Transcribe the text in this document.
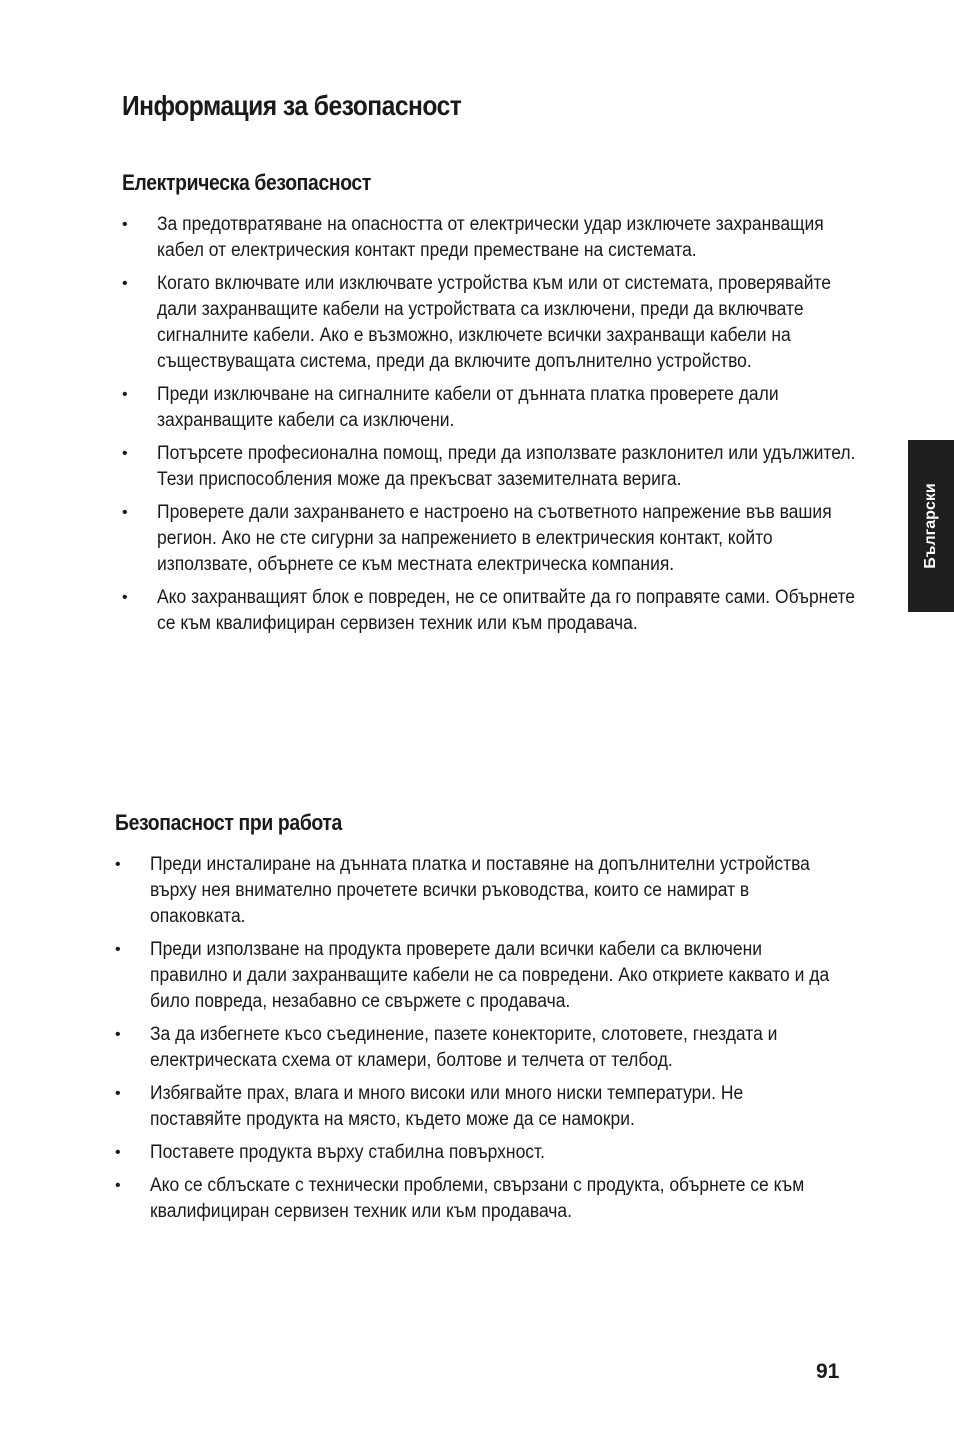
Информация за безопасност
Електрическа безопасност
• За предотвратяване на опасността от електрически удар изключете захранващия кабел от електрическия контакт преди преместване на системата.
• Когато включвате или изключвате устройства към или от системата, проверявайте дали захранващите кабели на устройствата са изключени, преди да включвате сигналните кабели. Ако е възможно, изключете всички захранващи кабели на съществуващата система, преди да включите допълнително устройство.
• Преди изключване на сигналните кабели от дънната платка проверете дали захранващите кабели са изключени.
• Потърсете професионална помощ, преди да използвате разклонител или удължител. Тези приспособления може да прекъсват заземителната верига.
• Проверете дали захранването е настроено на съответното напрежение във вашия регион. Ако не сте сигурни за напрежението в електрическия контакт, който използвате, обърнете се към местната електрическа компания.
• Ако захранващият блок е повреден, не се опитвайте да го поправяте сами. Обърнете се към квалифициран сервизен техник или към продавача.
Безопасност при работа
• Преди инсталиране на дънната платка и поставяне на допълнителни устройства върху нея внимателно прочетете всички ръководства, които се намират в опаковката.
• Преди използване на продукта проверете дали всички кабели са включени правилно и дали захранващите кабели не са повредени. Ако откриете каквато и да било повреда, незабавно се свържете с продавача.
• За да избегнете късо съединение, пазете конекторите, слотовете, гнездата и електрическата схема от кламери, болтове и телчета от телбод.
• Избягвайте прах, влага и много високи или много ниски температури. Не поставяйте продукта на място, където може да се намокри.
• Поставете продукта върху стабилна повърхност.
• Ако се сблъскате с технически проблеми, свързани с продукта, обърнете се към квалифициран сервизен техник или към продавача.
Български
91
